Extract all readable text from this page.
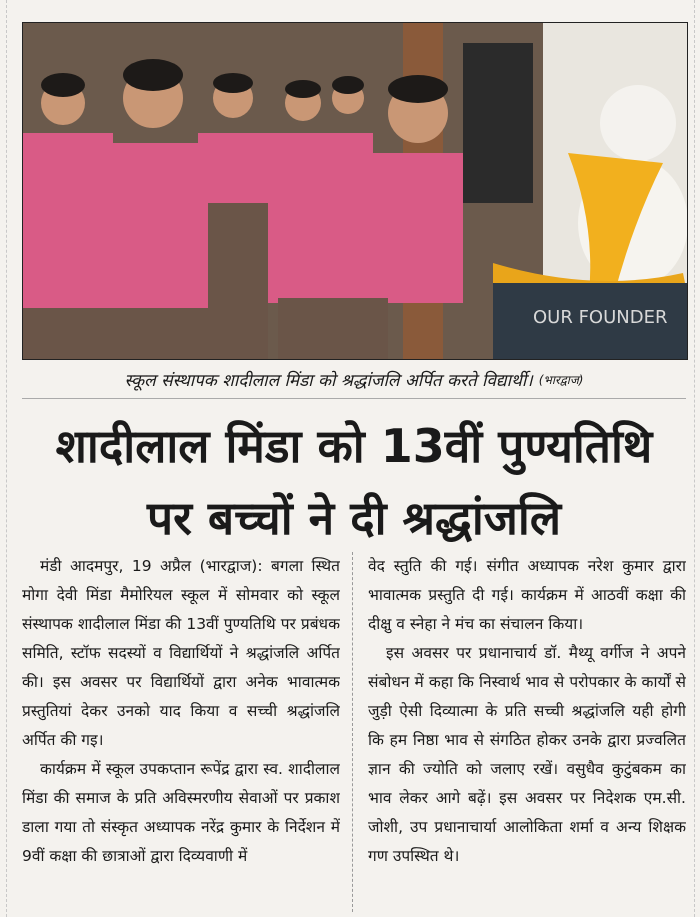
OUR FOUNDER
स्कूल संस्थापक शादीलाल मिंडा को श्रद्धांजलि अर्पित करते विद्यार्थी। (भारद्वाज)
शादीलाल मिंडा को 13वीं पुण्यतिथि
पर बच्चों ने दी श्रद्धांजलि

मंडी आदमपुर, 19 अप्रैल (भारद्वाज): बगला स्थित मोगा देवी मिंडा मैमोरियल स्कूल में सोमवार को स्कूल संस्थापक शादीलाल मिंडा की 13वीं पुण्यतिथि पर प्रबंधक समिति, स्टॉफ सदस्यों व विद्यार्थियों ने श्रद्धांजलि अर्पित की। इस अवसर पर विद्यार्थियों द्वारा अनेक भावात्मक प्रस्तुतियां देकर उनको याद किया व सच्ची श्रद्धांजलि अर्पित की गइ।

कार्यक्रम में स्कूल उपकप्तान रूपेंद्र द्वारा स्व. शादीलाल मिंडा की समाज के प्रति अविस्मरणीय सेवाओं पर प्रकाश डाला गया तो संस्कृत अध्यापक नरेंद्र कुमार के निर्देशन में 9वीं कक्षा की छात्राओं द्वारा दिव्यवाणी में

वेद स्तुति की गई। संगीत अध्यापक नरेश कुमार द्वारा भावात्मक प्रस्तुति दी गई। कार्यक्रम में आठवीं कक्षा की दीक्षु व स्नेहा ने मंच का संचालन किया।

इस अवसर पर प्रधानाचार्य डॉ. मैथ्यू वर्गीज ने अपने संबोधन में कहा कि निस्वार्थ भाव से परोपकार के कार्यों से जुड़ी ऐसी दिव्यात्मा के प्रति सच्ची श्रद्धांजलि यही होगी कि हम निष्ठा भाव से संगठित होकर उनके द्वारा प्रज्वलित ज्ञान की ज्योति को जलाए रखें। वसुधैव कुटुंबकम का भाव लेकर आगे बढ़ें। इस अवसर पर निदेशक एम.सी. जोशी, उप प्रधानाचार्या आलोकिता शर्मा व अन्य शिक्षक गण उपस्थित थे।
